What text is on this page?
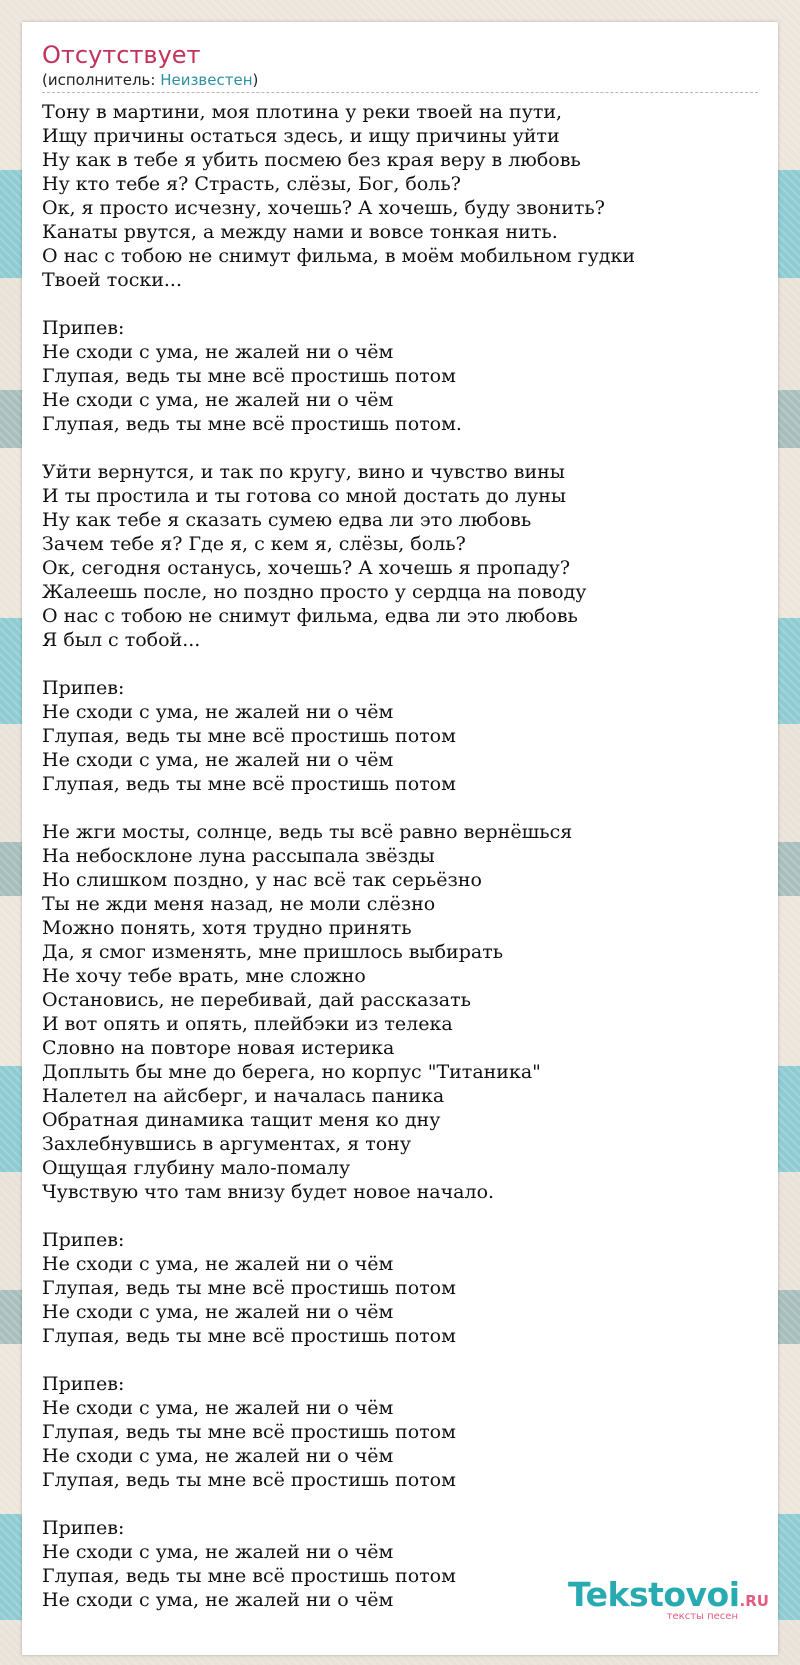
Отсутствует
(исполнитель: Неизвестен)
Тону в мартини, моя плотина у реки твоей на пути,
Ищу причины остаться здесь, и ищу причины уйти
Ну как в тебе я убить посмею без края веру в любовь
Ну кто тебе я? Страсть, слёзы, Бог, боль?
Ок, я просто исчезну, хочешь? А хочешь, буду звонить?
Канаты рвутся, а между нами и вовсе тонкая нить.
О нас с тобою не снимут фильма, в моём мобильном гудки
Твоей тоски...

Припев:
Не сходи с ума, не жалей ни о чём
Глупая, ведь ты мне всё простишь потом
Не сходи с ума, не жалей ни о чём
Глупая, ведь ты мне всё простишь потом.

Уйти вернутся, и так по кругу, вино и чувство вины
И ты простила и ты готова со мной достать до луны
Ну как тебе я сказать сумею едва ли это любовь
Зачем тебе я? Где я, с кем я, слёзы, боль?
Ок, сегодня останусь, хочешь? А хочешь я пропаду?
Жалеешь после, но поздно просто у сердца на поводу
О нас с тобою не снимут фильма, едва ли это любовь
Я был с тобой...

Припев:
Не сходи с ума, не жалей ни о чём
Глупая, ведь ты мне всё простишь потом
Не сходи с ума, не жалей ни о чём
Глупая, ведь ты мне всё простишь потом

Не жги мосты, солнце, ведь ты всё равно вернёшься
На небосклоне луна рассыпала звёзды
Но слишком поздно, у нас всё так серьёзно
Ты не жди меня назад, не моли слёзно
Можно понять, хотя трудно принять
Да, я смог изменять, мне пришлось выбирать
Не хочу тебе врать, мне сложно
Остановись, не перебивай, дай рассказать
И вот опять и опять, плейбэки из телека
Словно на повторе новая истерика
Доплыть бы мне до берега, но корпус "Титаника"
Налетел на айсберг, и началась паника
Обратная динамика тащит меня ко дну
Захлебнувшись в аргументах, я тону
Ощущая глубину мало-помалу
Чувствую что там внизу будет новое начало.

Припев:
Не сходи с ума, не жалей ни о чём
Глупая, ведь ты мне всё простишь потом
Не сходи с ума, не жалей ни о чём
Глупая, ведь ты мне всё простишь потом

Припев:
Не сходи с ума, не жалей ни о чём
Глупая, ведь ты мне всё простишь потом
Не сходи с ума, не жалей ни о чём
Глупая, ведь ты мне всё простишь потом

Припев:
Не сходи с ума, не жалей ни о чём
Глупая, ведь ты мне всё простишь потом
Не сходи с ума, не жалей ни о чём	Tekstovoi.RU
тексты песен
